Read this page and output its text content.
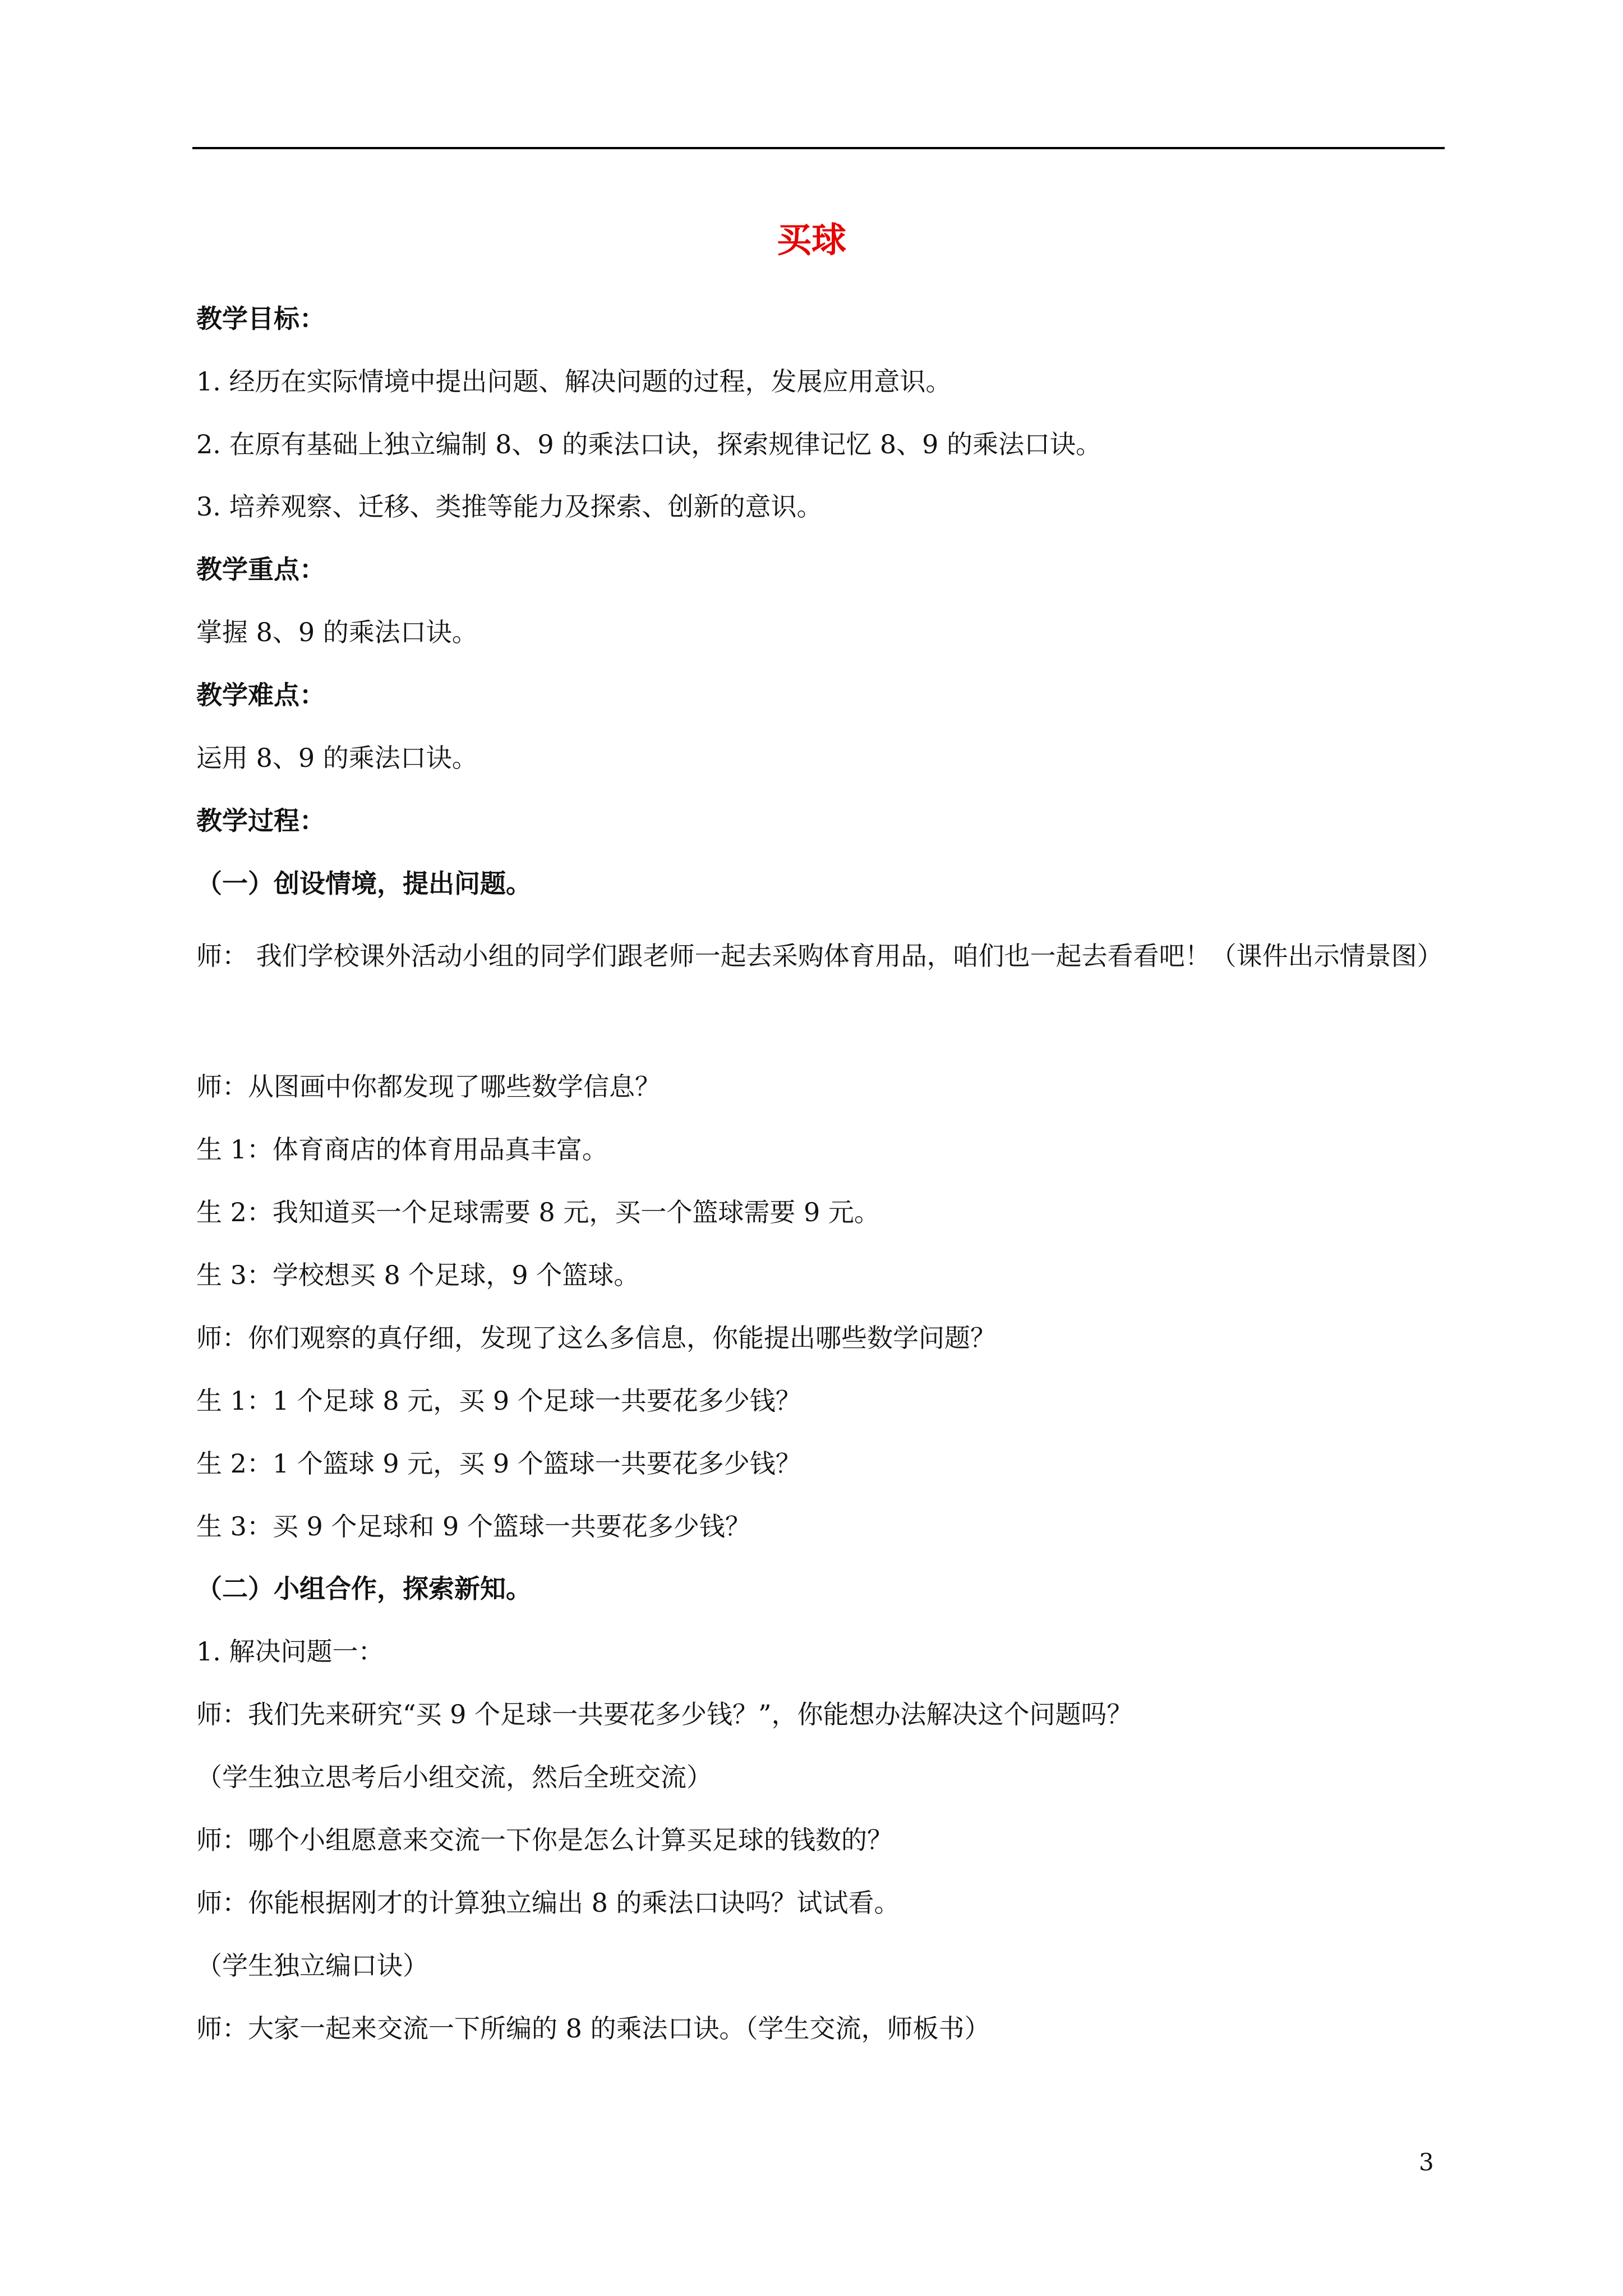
买球

教学目标：

1. 经历在实际情境中提出问题、解决问题的过程，发展应用意识。

2. 在原有基础上独立编制 8、9 的乘法口诀，探索规律记忆 8、9 的乘法口诀。

3. 培养观察、迁移、类推等能力及探索、创新的意识。

教学重点：

掌握 8、9 的乘法口诀。

教学难点：

运用 8、9 的乘法口诀。

教学过程：

（一）创设情境，提出问题。

师： 我们学校课外活动小组的同学们跟老师一起去采购体育用品，咱们也一起去看看吧！（课件出示情景图）

师：从图画中你都发现了哪些数学信息？

生 1：体育商店的体育用品真丰富。

生 2：我知道买一个足球需要 8 元，买一个篮球需要 9 元。

生 3：学校想买 8 个足球，9 个篮球。

师：你们观察的真仔细，发现了这么多信息，你能提出哪些数学问题？

生 1：1 个足球 8 元，买 9 个足球一共要花多少钱？

生 2：1 个篮球 9 元，买 9 个篮球一共要花多少钱？

生 3：买 9 个足球和 9 个篮球一共要花多少钱？

（二）小组合作，探索新知。

1. 解决问题一：

师：我们先来研究“买 9 个足球一共要花多少钱？”，你能想办法解决这个问题吗？

（学生独立思考后小组交流，然后全班交流）

师：哪个小组愿意来交流一下你是怎么计算买足球的钱数的？

师：你能根据刚才的计算独立编出 8 的乘法口诀吗？试试看。

（学生独立编口诀）

师：大家一起来交流一下所编的 8 的乘法口诀。（学生交流，师板书）

3
